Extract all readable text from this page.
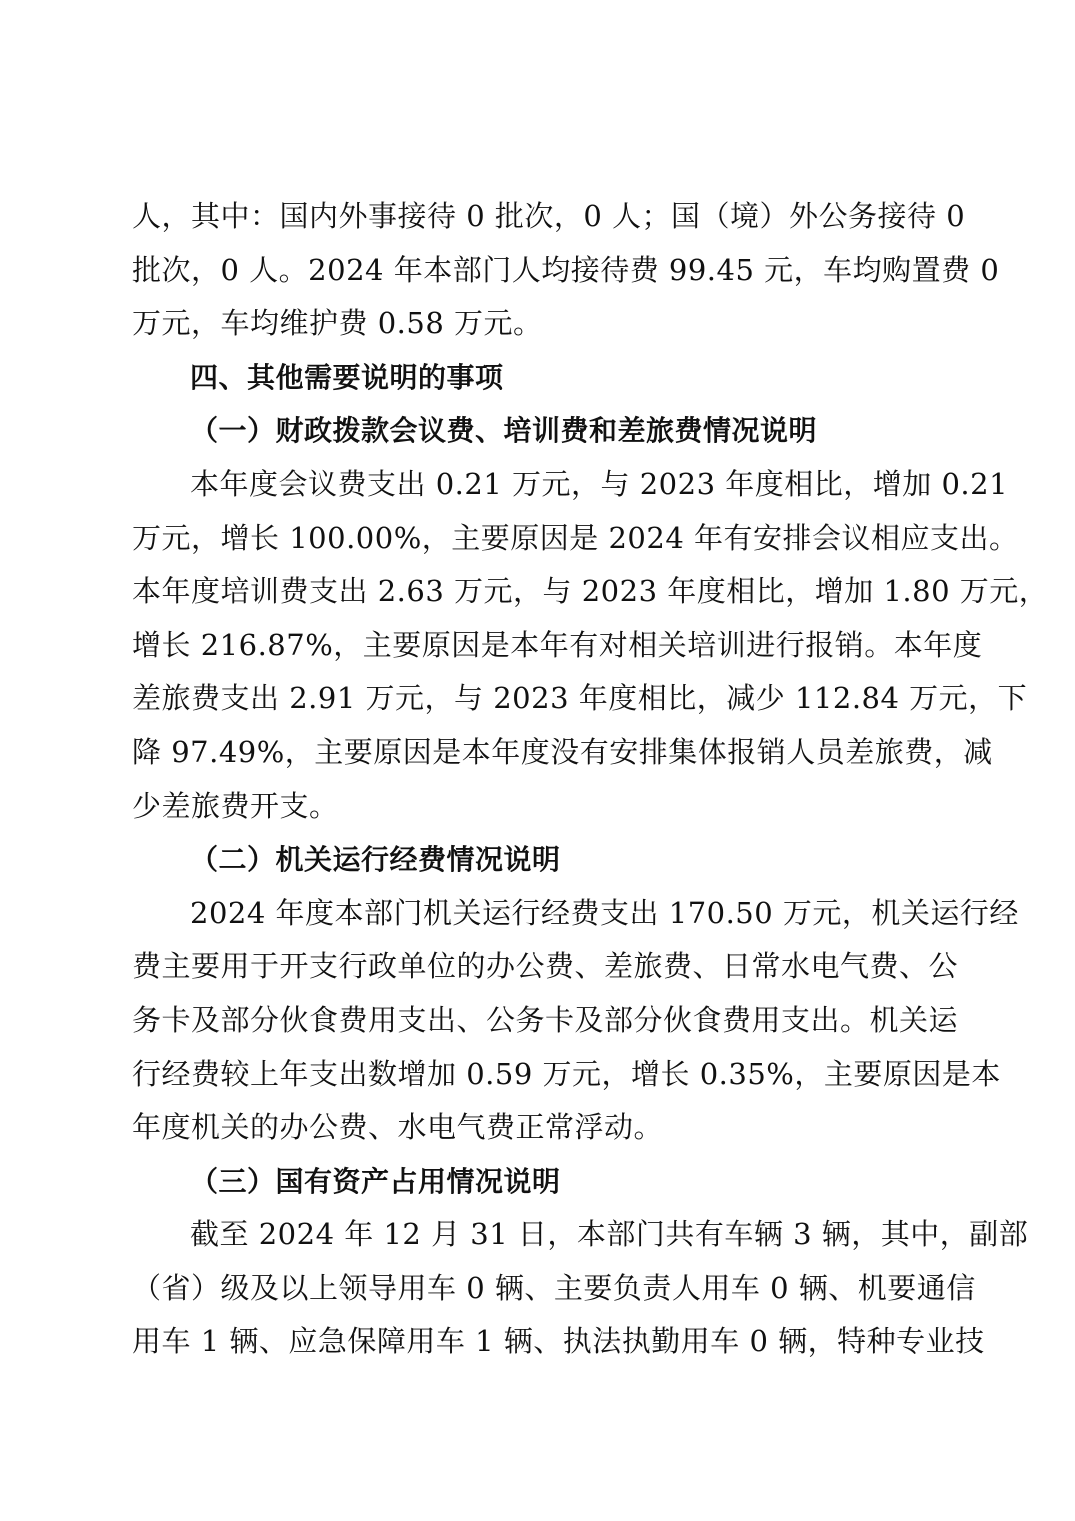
人，其中：国内外事接待 0 批次，0 人；国（境）外公务接待 0
批次，0 人。2024 年本部门人均接待费 99.45 元，车均购置费 0
万元，车均维护费 0.58 万元。
四、其他需要说明的事项
（一）财政拨款会议费、培训费和差旅费情况说明
本年度会议费支出 0.21 万元，与 2023 年度相比，增加 0.21
万元，增长 100.00%，主要原因是 2024 年有安排会议相应支出。
本年度培训费支出 2.63 万元，与 2023 年度相比，增加 1.80 万元，
增长 216.87%，主要原因是本年有对相关培训进行报销。本年度
差旅费支出 2.91 万元，与 2023 年度相比，减少 112.84 万元，下
降 97.49%，主要原因是本年度没有安排集体报销人员差旅费，减
少差旅费开支。
（二）机关运行经费情况说明
2024 年度本部门机关运行经费支出 170.50 万元，机关运行经
费主要用于开支行政单位的办公费、差旅费、日常水电气费、公
务卡及部分伙食费用支出、公务卡及部分伙食费用支出。机关运
行经费较上年支出数增加 0.59 万元，增长 0.35%，主要原因是本
年度机关的办公费、水电气费正常浮动。
（三）国有资产占用情况说明
截至 2024 年 12 月 31 日，本部门共有车辆 3 辆，其中，副部
（省）级及以上领导用车 0 辆、主要负责人用车 0 辆、机要通信
用车 1 辆、应急保障用车 1 辆、执法执勤用车 0 辆，特种专业技
